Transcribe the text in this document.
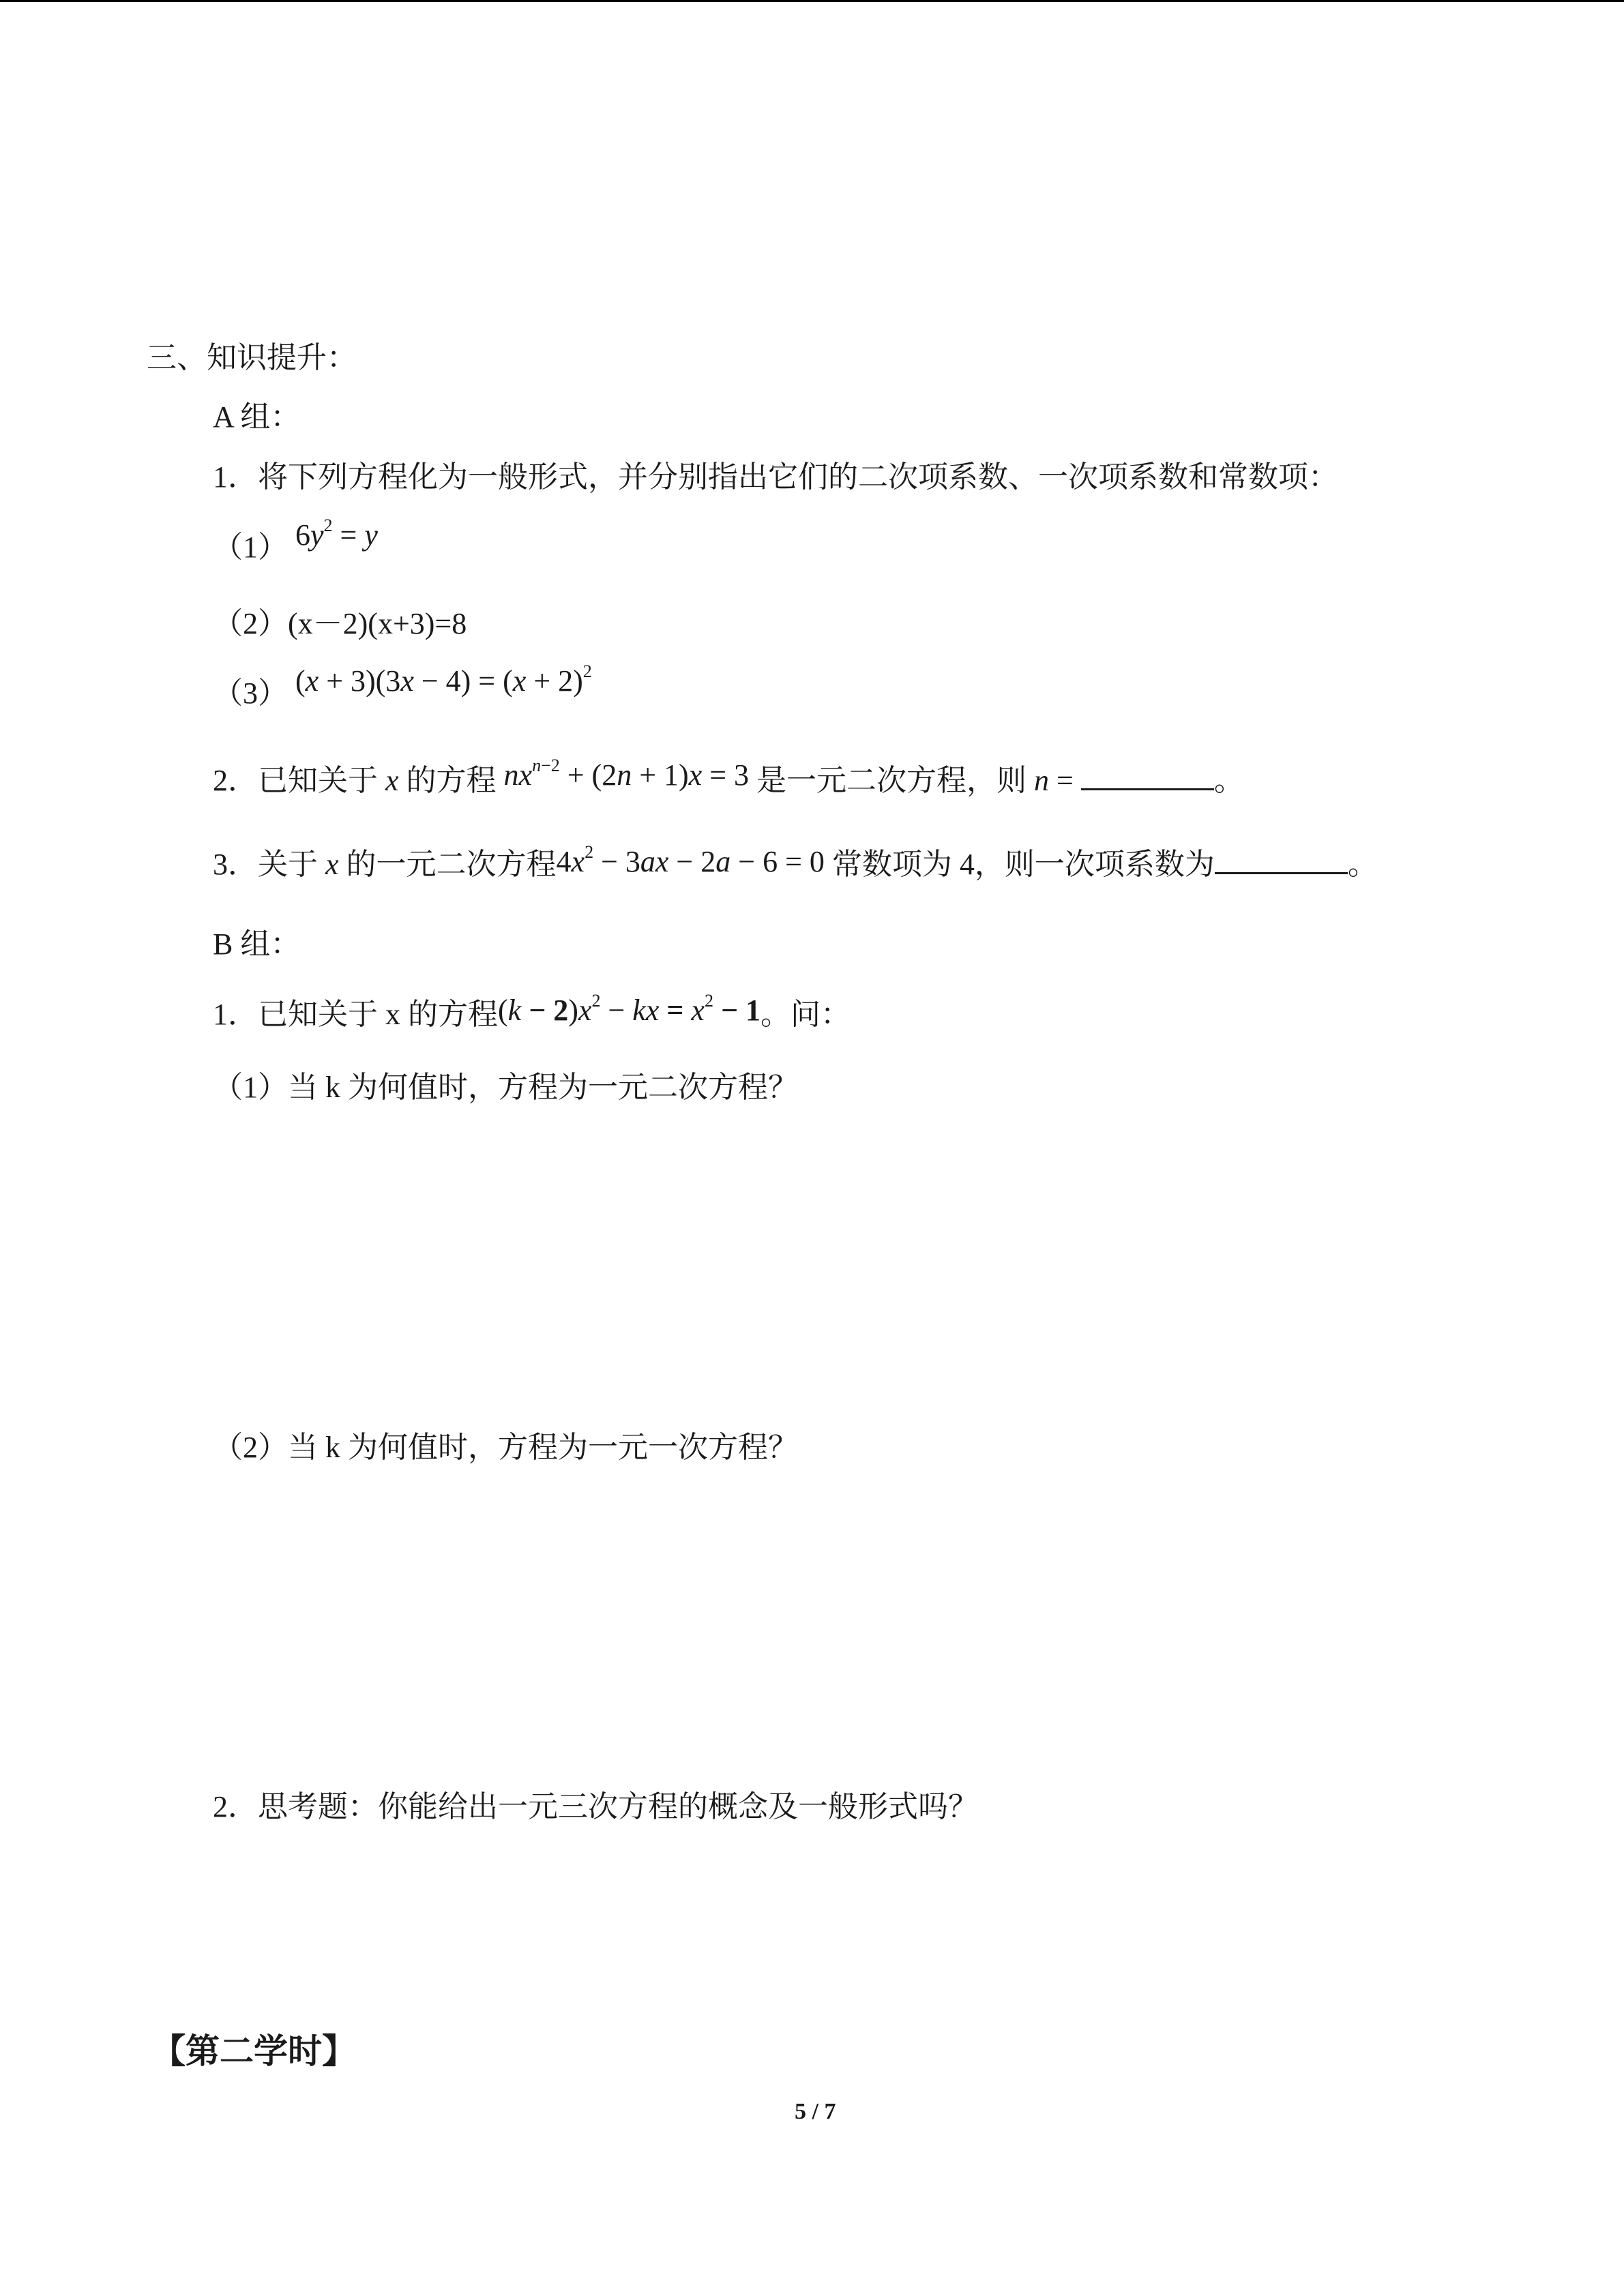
三、知识提升：
A 组：
1．将下列方程化为一般形式，并分别指出它们的二次项系数、一次项系数和常数项：
（1） $6y^2 = y$
（2）(x－2)(x+3)=8
（3） $(x + 3)(3x - 4) = (x + 2)^2$
2．已知关于 x 的方程 $nx^{n-2} + (2n + 1)x = 3$ 是一元二次方程，则 n =	。
3．关于 x 的一元二次方程$4x^2 - 3ax - 2a - 6 = 0$ 常数项为 4，则一次项系数为	。
B 组：
1．已知关于 x 的方程$(k - 2)x^2$ − kx = $x^2 - 1$。问：
（1）当 k 为何值时，方程为一元二次方程？
（2）当 k 为何值时，方程为一元一次方程？
2．思考题：你能给出一元三次方程的概念及一般形式吗？
【第二学时】
5 / 7
